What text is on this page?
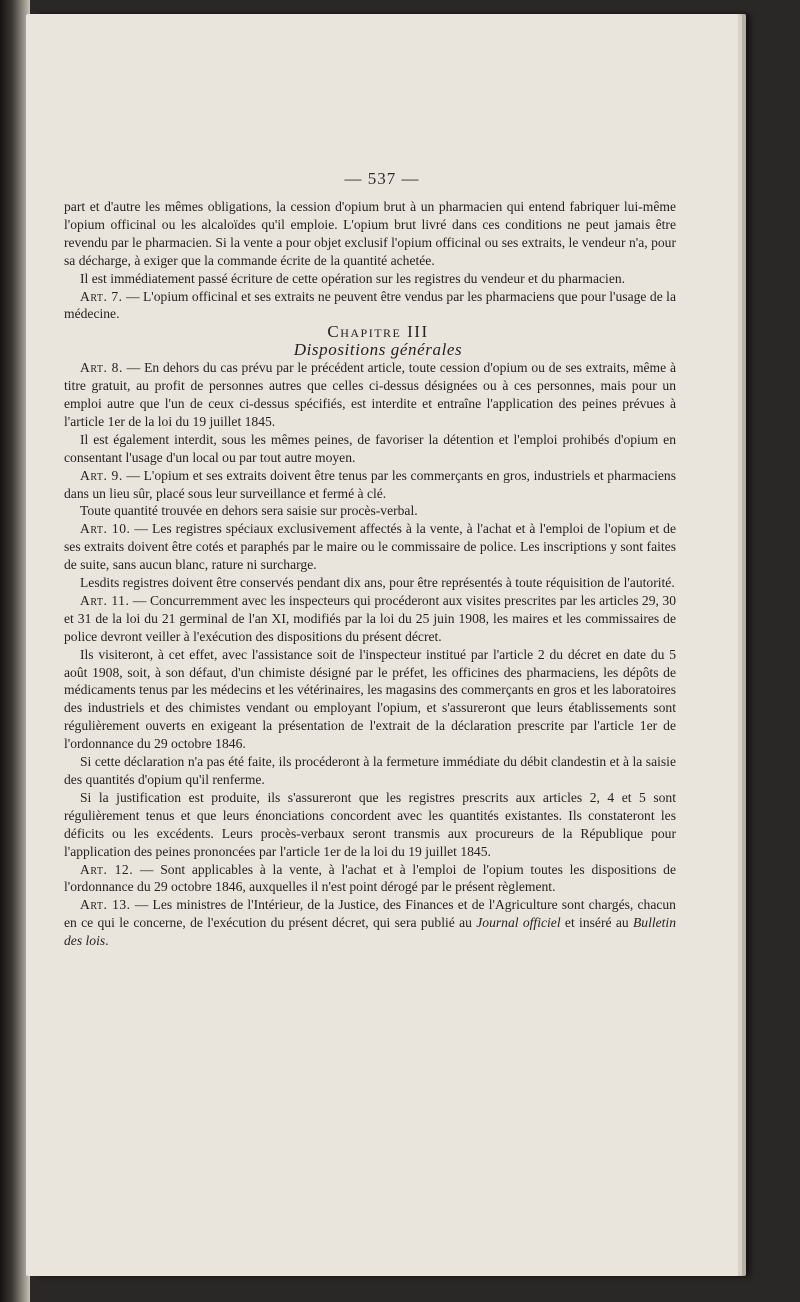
— 537 —

part et d'autre les mêmes obligations, la cession d'opium brut à un pharmacien qui entend fabriquer lui-même l'opium officinal ou les alcaloïdes qu'il emploie. L'opium brut livré dans ces conditions ne peut jamais être revendu par le pharmacien. Si la vente a pour objet exclusif l'opium officinal ou ses extraits, le vendeur n'a, pour sa décharge, à exiger que la commande écrite de la quantité achetée.

Il est immédiatement passé écriture de cette opération sur les registres du vendeur et du pharmacien.

Art. 7. — L'opium officinal et ses extraits ne peuvent être vendus par les pharmaciens que pour l'usage de la médecine.

Chapitre III

Dispositions générales

Art. 8. — En dehors du cas prévu par le précédent article, toute cession d'opium ou de ses extraits, même à titre gratuit, au profit de personnes autres que celles ci-dessus désignées ou à ces personnes, mais pour un emploi autre que l'un de ceux ci-dessus spécifiés, est interdite et entraîne l'application des peines prévues à l'article 1er de la loi du 19 juillet 1845.

Il est également interdit, sous les mêmes peines, de favoriser la détention et l'emploi prohibés d'opium en consentant l'usage d'un local ou par tout autre moyen.

Art. 9. — L'opium et ses extraits doivent être tenus par les commerçants en gros, industriels et pharmaciens dans un lieu sûr, placé sous leur surveillance et fermé à clé.

Toute quantité trouvée en dehors sera saisie sur procès-verbal.

Art. 10. — Les registres spéciaux exclusivement affectés à la vente, à l'achat et à l'emploi de l'opium et de ses extraits doivent être cotés et paraphés par le maire ou le commissaire de police. Les inscriptions y sont faites de suite, sans aucun blanc, rature ni surcharge.

Lesdits registres doivent être conservés pendant dix ans, pour être représentés à toute réquisition de l'autorité.

Art. 11. — Concurremment avec les inspecteurs qui procéderont aux visites prescrites par les articles 29, 30 et 31 de la loi du 21 germinal de l'an XI, modifiés par la loi du 25 juin 1908, les maires et les commissaires de police devront veiller à l'exécution des dispositions du présent décret.

Ils visiteront, à cet effet, avec l'assistance soit de l'inspecteur institué par l'article 2 du décret en date du 5 août 1908, soit, à son défaut, d'un chimiste désigné par le préfet, les officines des pharmaciens, les dépôts de médicaments tenus par les médecins et les vétérinaires, les magasins des commerçants en gros et les laboratoires des industriels et des chimistes vendant ou employant l'opium, et s'assureront que leurs établissements sont régulièrement ouverts en exigeant la présentation de l'extrait de la déclaration prescrite par l'article 1er de l'ordonnance du 29 octobre 1846.

Si cette déclaration n'a pas été faite, ils procéderont à la fermeture immédiate du débit clandestin et à la saisie des quantités d'opium qu'il renferme.

Si la justification est produite, ils s'assureront que les registres prescrits aux articles 2, 4 et 5 sont régulièrement tenus et que leurs énonciations concordent avec les quantités existantes. Ils constateront les déficits ou les excédents. Leurs procès-verbaux seront transmis aux procureurs de la République pour l'application des peines prononcées par l'article 1er de la loi du 19 juillet 1845.

Art. 12. — Sont applicables à la vente, à l'achat et à l'emploi de l'opium toutes les dispositions de l'ordonnance du 29 octobre 1846, auxquelles il n'est point dérogé par le présent règlement.

Art. 13. — Les ministres de l'Intérieur, de la Justice, des Finances et de l'Agriculture sont chargés, chacun en ce qui le concerne, de l'exécution du présent décret, qui sera publié au Journal officiel et inséré au Bulletin des lois.
